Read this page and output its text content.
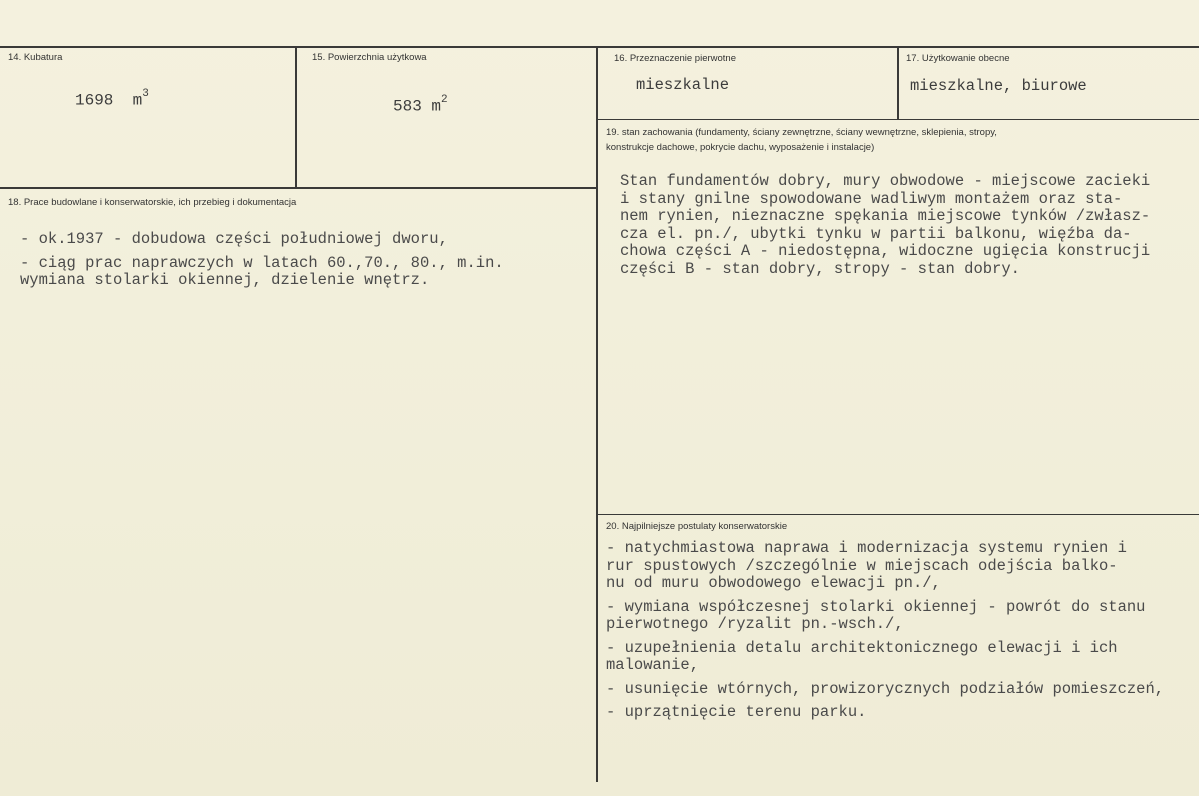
14. Kubatura
1698 $m^3$
15. Powierzchnia użytkowa
583 $m^2$
16. Przeznaczenie pierwotne
mieszkalne
17. Użytkowanie obecne
mieszkalne, biurowe
19. stan zachowania (fundamenty, ściany zewnętrzne, ściany wewnętrzne, sklepienia, stropy,
konstrukcje dachowe, pokrycie dachu, wyposażenie i instalacje)
Stan fundamentów dobry, mury obwodowe - miejscowe zacieki
i stany gnilne spowodowane wadliwym montażem oraz sta-
nem rynien, nieznaczne spękania miejscowe tynków /zwłasz-
cza el. pn./, ubytki tynku w partii balkonu, więźba da-
chowa części A - niedostępna, widoczne ugięcia konstrucji
części B - stan dobry, stropy - stan dobry.
18. Prace budowlane i konserwatorskie, ich przebieg i dokumentacja
- ok.1937 - dobudowa części południowej dworu,
- ciąg prac naprawczych w latach 60.,70., 80., m.in.
wymiana stolarki okiennej, dzielenie wnętrz.
20. Najpilniejsze postulaty konserwatorskie
- natychmiastowa naprawa i modernizacja systemu rynien i
rur spustowych /szczególnie w miejscach odejścia balko-
nu od muru obwodowego elewacji pn./,
- wymiana współczesnej stolarki okiennej - powrót do stanu
pierwotnego /ryzalit pn.-wsch./,
- uzupełnienia detalu architektonicznego elewacji i ich
malowanie,
- usunięcie wtórnych, prowizorycznych podziałów pomieszczeń,
- uprzątnięcie terenu parku.
